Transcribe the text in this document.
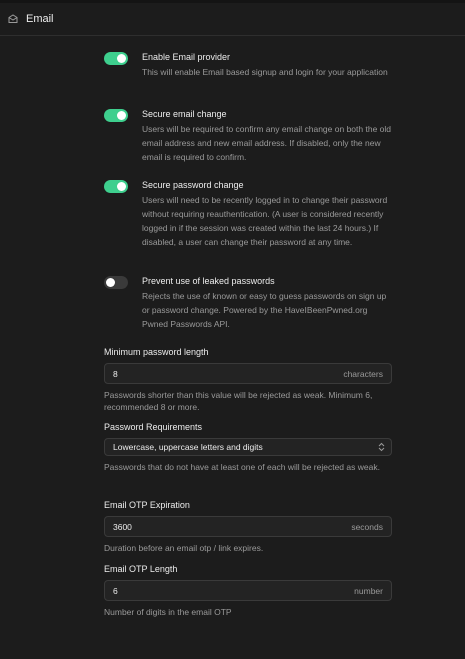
Email
Enable Email provider
This will enable Email based signup and login for your application
Secure email change
Users will be required to confirm any email change on both the old email address and new email address. If disabled, only the new email is required to confirm.
Secure password change
Users will need to be recently logged in to change their password without requiring reauthentication. (A user is considered recently logged in if the session was created within the last 24 hours.) If disabled, a user can change their password at any time.
Prevent use of leaked passwords
Rejects the use of known or easy to guess passwords on sign up or password change. Powered by the HaveIBeenPwned.org Pwned Passwords API.
Minimum password length
8	characters
Passwords shorter than this value will be rejected as weak. Minimum 6, recommended 8 or more.
Password Requirements
Lowercase, uppercase letters and digits
Passwords that do not have at least one of each will be rejected as weak.
Email OTP Expiration
3600	seconds
Duration before an email otp / link expires.
Email OTP Length
6	number
Number of digits in the email OTP
